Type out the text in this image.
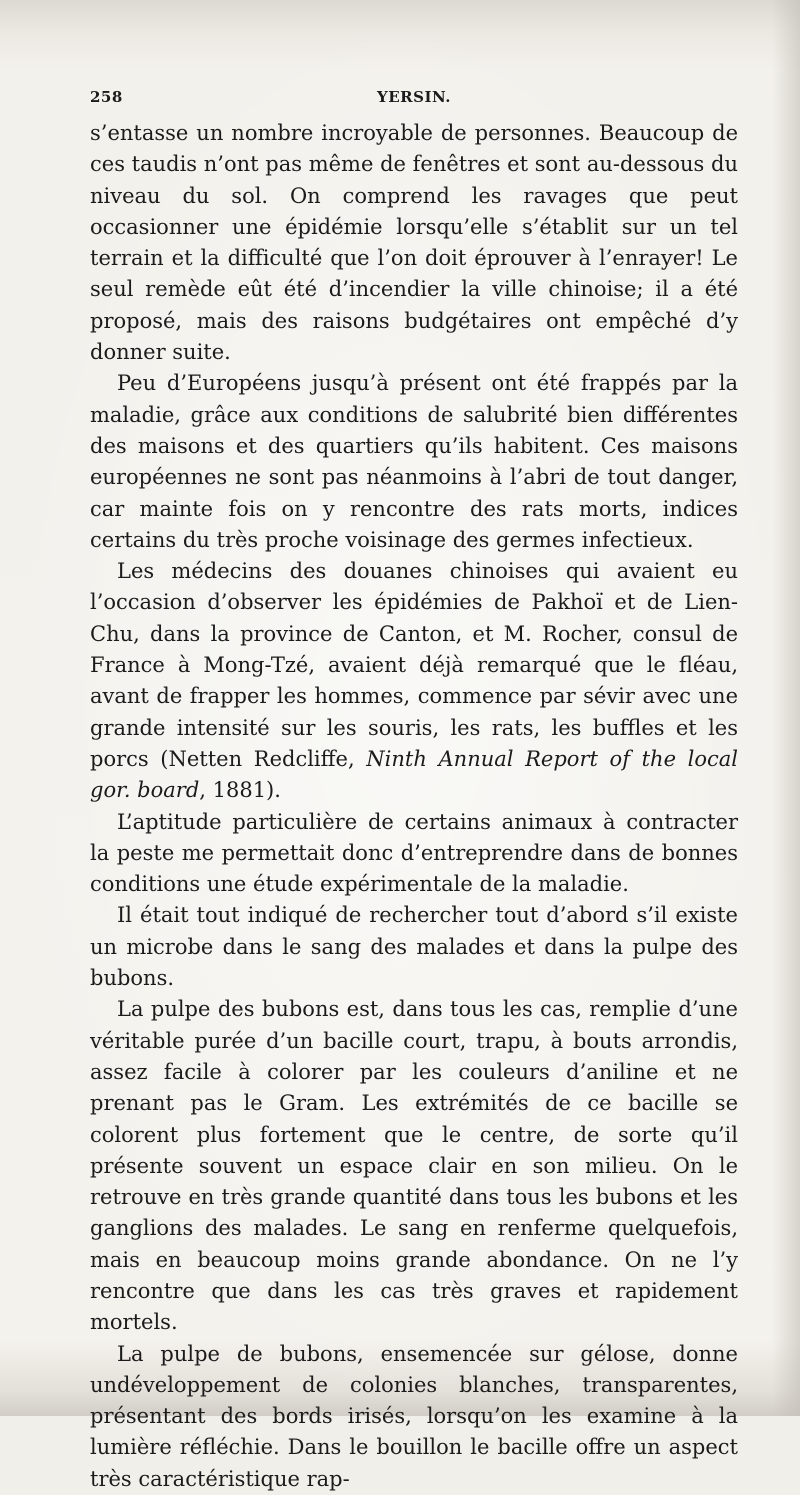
258	YERSIN.

s’entasse un nombre incroyable de personnes. Beaucoup de ces taudis n’ont pas même de fenêtres et sont au-dessous du niveau du sol. On comprend les ravages que peut occasionner une épidémie lorsqu’elle s’établit sur un tel terrain et la difficulté que l’on doit éprouver à l’enrayer! Le seul remède eût été d’incendier la ville chinoise; il a été proposé, mais des raisons budgétaires ont empêché d’y donner suite.

Peu d’Européens jusqu’à présent ont été frappés par la maladie, grâce aux conditions de salubrité bien différentes des maisons et des quartiers qu’ils habitent. Ces maisons européennes ne sont pas néanmoins à l’abri de tout danger, car mainte fois on y rencontre des rats morts, indices certains du très proche voisinage des germes infectieux.

Les médecins des douanes chinoises qui avaient eu l’occasion d’observer les épidémies de Pakhoï et de Lien-Chu, dans la province de Canton, et M. Rocher, consul de France à Mong-Tzé, avaient déjà remarqué que le fléau, avant de frapper les hommes, commence par sévir avec une grande intensité sur les souris, les rats, les buffles et les porcs (Netten Redcliffe, Ninth Annual Report of the local gor. board, 1881).

L’aptitude particulière de certains animaux à contracter la peste me permettait donc d’entreprendre dans de bonnes conditions une étude expérimentale de la maladie.

Il était tout indiqué de rechercher tout d’abord s’il existe un microbe dans le sang des malades et dans la pulpe des bubons.

La pulpe des bubons est, dans tous les cas, remplie d’une véritable purée d’un bacille court, trapu, à bouts arrondis, assez facile à colorer par les couleurs d’aniline et ne prenant pas le Gram. Les extrémités de ce bacille se colorent plus fortement que le centre, de sorte qu’il présente souvent un espace clair en son milieu. On le retrouve en très grande quantité dans tous les bubons et les ganglions des malades. Le sang en renferme quelquefois, mais en beaucoup moins grande abondance. On ne l’y rencontre que dans les cas très graves et rapidement mortels.

La pulpe de bubons, ensemencée sur gélose, donne undéveloppement de colonies blanches, transparentes, présentant des bords irisés, lorsqu’on les examine à la lumière réfléchie. Dans le bouillon le bacille offre un aspect très caractéristique rap-
